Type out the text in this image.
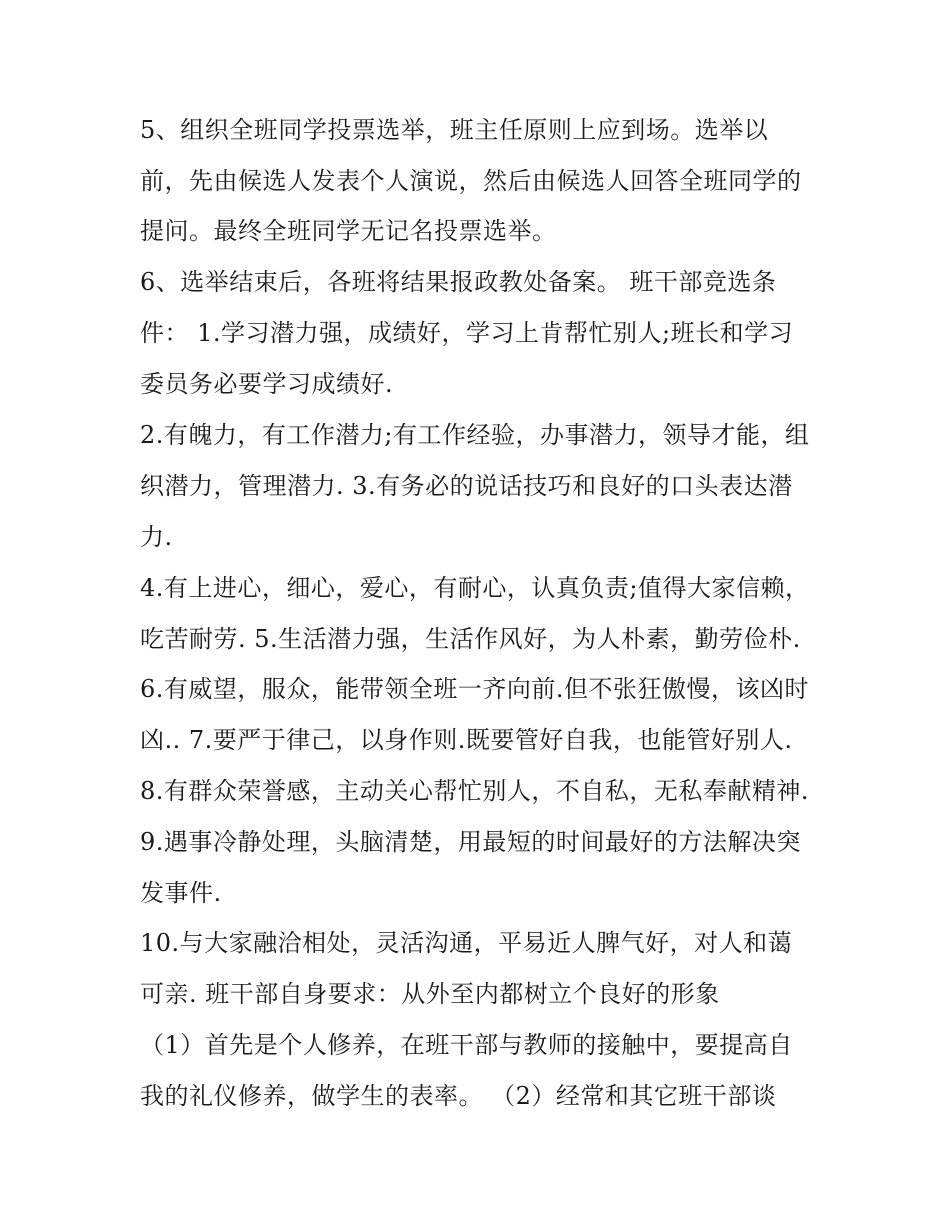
5、组织全班同学投票选举，班主任原则上应到场。选举以
前，先由候选人发表个人演说，然后由候选人回答全班同学的
提问。最终全班同学无记名投票选举。
6、选举结束后，各班将结果报政教处备案。 班干部竞选条
件： 1.学习潜力强，成绩好，学习上肯帮忙别人;班长和学习
委员务必要学习成绩好.
2.有魄力，有工作潜力;有工作经验，办事潜力，领导才能，组
织潜力，管理潜力. 3.有务必的说话技巧和良好的口头表达潜
力.
4.有上进心，细心，爱心，有耐心，认真负责;值得大家信赖，
吃苦耐劳. 5.生活潜力强，生活作风好，为人朴素，勤劳俭朴.
6.有威望，服众，能带领全班一齐向前.但不张狂傲慢，该凶时
凶.. 7.要严于律己，以身作则.既要管好自我，也能管好别人.
8.有群众荣誉感，主动关心帮忙别人，不自私，无私奉献精神.
9.遇事冷静处理，头脑清楚，用最短的时间最好的方法解决突
发事件.
10.与大家融洽相处，灵活沟通，平易近人脾气好，对人和蔼
可亲. 班干部自身要求：从外至内都树立个良好的形象
（1）首先是个人修养，在班干部与教师的接触中，要提高自
我的礼仪修养，做学生的表率。 （2）经常和其它班干部谈
